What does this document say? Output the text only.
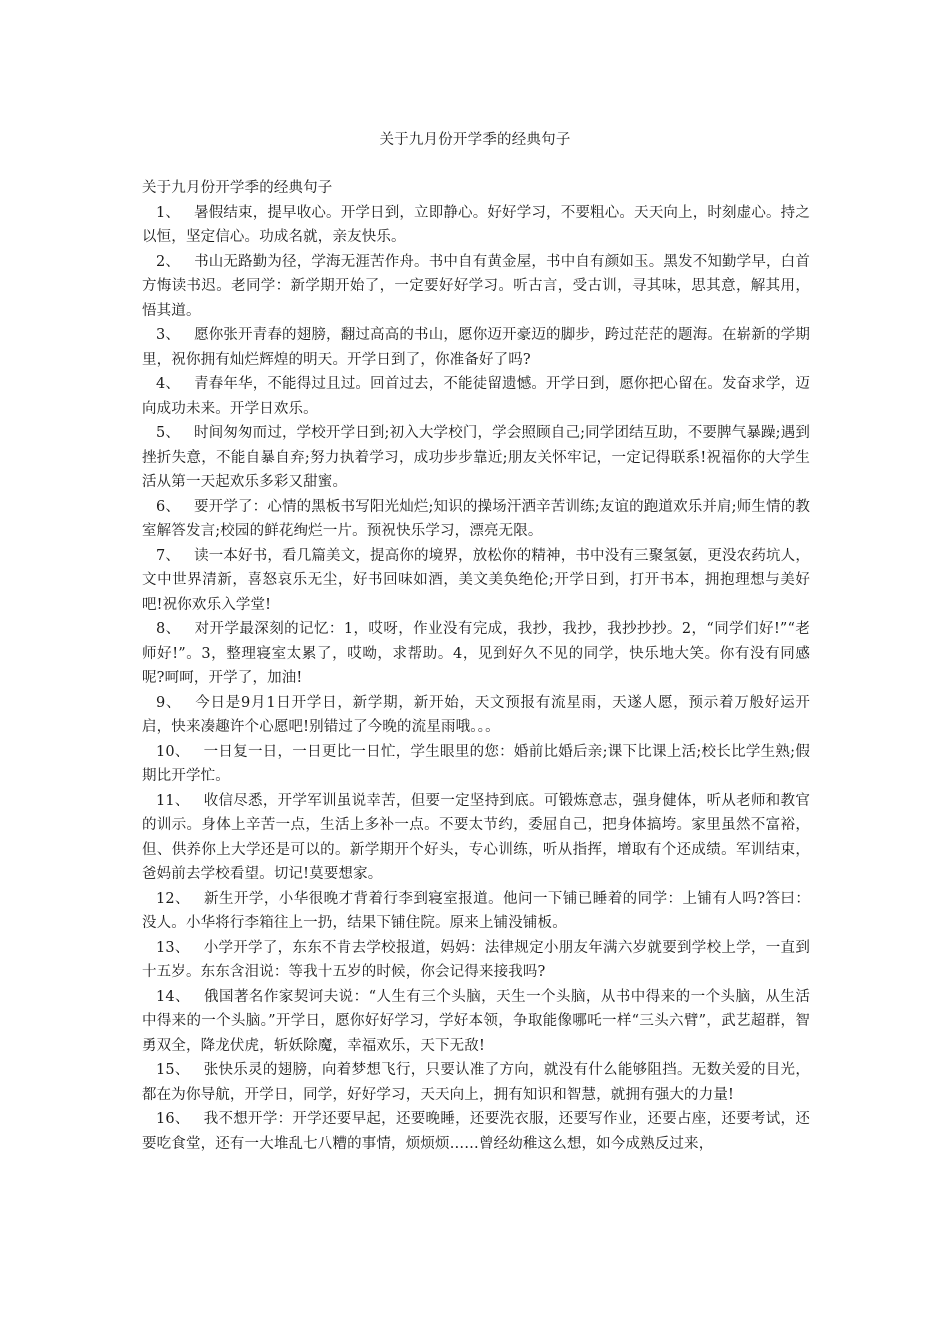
关于九月份开学季的经典句子

关于九月份开学季的经典句子

1、 暑假结束，提早收心。开学日到，立即静心。好好学习，不要粗心。天天向上，时刻虚心。持之以恒，坚定信心。功成名就，亲友快乐。

2、 书山无路勤为径，学海无涯苦作舟。书中自有黄金屋，书中自有颜如玉。黑发不知勤学早，白首方悔读书迟。老同学：新学期开始了，一定要好好学习。听古言，受古训，寻其味，思其意，解其用，悟其道。

3、 愿你张开青春的翅膀，翻过高高的书山，愿你迈开豪迈的脚步，跨过茫茫的题海。在崭新的学期里，祝你拥有灿烂辉煌的明天。开学日到了，你准备好了吗?

4、 青春年华，不能得过且过。回首过去，不能徒留遗憾。开学日到，愿你把心留在。发奋求学，迈向成功未来。开学日欢乐。

5、 时间匆匆而过，学校开学日到;初入大学校门，学会照顾自己;同学团结互助，不要脾气暴躁;遇到挫折失意，不能自暴自弃;努力执着学习，成功步步靠近;朋友关怀牢记，一定记得联系!祝福你的大学生活从第一天起欢乐多彩又甜蜜。

6、 要开学了：心情的黑板书写阳光灿烂;知识的操场汗洒辛苦训练;友谊的跑道欢乐并肩;师生情的教室解答发言;校园的鲜花绚烂一片。预祝快乐学习，漂亮无限。

7、 读一本好书，看几篇美文，提高你的境界，放松你的精神，书中没有三聚氢氨，更没农药坑人，文中世界清新，喜怒哀乐无尘，好书回味如酒，美文美奂绝伦;开学日到，打开书本，拥抱理想与美好吧!祝你欢乐入学堂!

8、 对开学最深刻的记忆：1，哎呀，作业没有完成，我抄，我抄，我抄抄抄。2，“同学们好!”“老师好!”。3，整理寝室太累了，哎呦，求帮助。4，见到好久不见的同学，快乐地大笑。你有没有同感呢?呵呵，开学了，加油!

9、 今日是9月1日开学日，新学期，新开始，天文预报有流星雨，天遂人愿，预示着万般好运开启，快来凑趣许个心愿吧!别错过了今晚的流星雨哦。。。

10、 一日复一日，一日更比一日忙，学生眼里的您：婚前比婚后亲;课下比课上活;校长比学生熟;假期比开学忙。

11、 收信尽悉，开学军训虽说幸苦，但要一定坚持到底。可锻炼意志，强身健体，听从老师和教官的训示。身体上辛苦一点，生活上多补一点。不要太节约，委屈自己，把身体搞垮。家里虽然不富裕，但、供养你上大学还是可以的。新学期开个好头，专心训练，听从指挥，增取有个还成绩。军训结束，爸妈前去学校看望。切记!莫要想家。

12、 新生开学，小华很晚才背着行李到寝室报道。他问一下铺已睡着的同学：上铺有人吗?答曰：没人。小华将行李箱往上一扔，结果下铺住院。原来上铺没铺板。

13、 小学开学了，东东不肯去学校报道，妈妈：法律规定小朋友年满六岁就要到学校上学，一直到十五岁。东东含泪说：等我十五岁的时候，你会记得来接我吗?

14、 俄国著名作家契诃夫说：“人生有三个头脑，天生一个头脑，从书中得来的一个头脑，从生活中得来的一个头脑。”开学日，愿你好好学习，学好本领，争取能像哪吒一样“三头六臂”，武艺超群，智勇双全，降龙伏虎，斩妖除魔，幸福欢乐，天下无敌!

15、 张快乐灵的翅膀，向着梦想飞行，只要认准了方向，就没有什么能够阻挡。无数关爱的目光，都在为你导航，开学日，同学，好好学习，天天向上，拥有知识和智慧，就拥有强大的力量!

16、 我不想开学：开学还要早起，还要晚睡，还要洗衣服，还要写作业，还要占座，还要考试，还要吃食堂，还有一大堆乱七八糟的事情，烦烦烦……曾经幼稚这么想，如今成熟反过来，
